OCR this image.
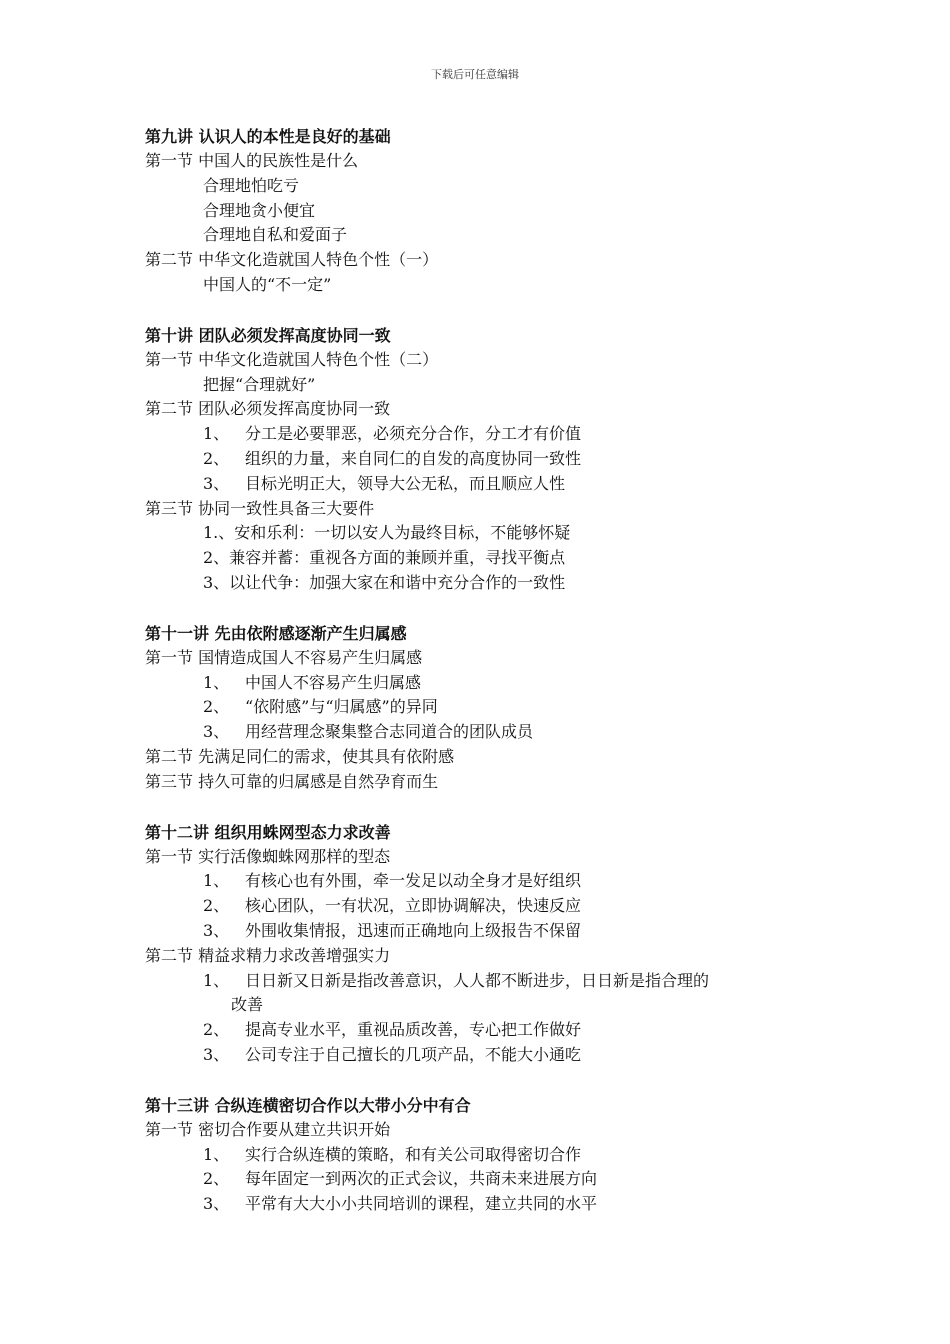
下载后可任意编辑
第九讲 认识人的本性是良好的基础
第一节 中国人的民族性是什么
合理地怕吃亏
合理地贪小便宜
合理地自私和爱面子
第二节 中华文化造就国人特色个性（一）
中国人的“不一定”
第十讲 团队必须发挥高度协同一致
第一节 中华文化造就国人特色个性（二）
把握“合理就好”
第二节 团队必须发挥高度协同一致
1、 分工是必要罪恶，必须充分合作，分工才有价值
2、 组织的力量，来自同仁的自发的高度协同一致性
3、 目标光明正大，领导大公无私，而且顺应人性
第三节 协同一致性具备三大要件
1.、安和乐利：一切以安人为最终目标，不能够怀疑
2、兼容并蓄：重视各方面的兼顾并重，寻找平衡点
3、以让代争：加强大家在和谐中充分合作的一致性
第十一讲 先由依附感逐渐产生归属感
第一节 国情造成国人不容易产生归属感
1、 中国人不容易产生归属感
2、 “依附感”与“归属感”的异同
3、 用经营理念聚集整合志同道合的团队成员
第二节 先满足同仁的需求，使其具有依附感
第三节 持久可靠的归属感是自然孕育而生
第十二讲 组织用蛛网型态力求改善
第一节 实行活像蜘蛛网那样的型态
1、 有核心也有外围，牵一发足以动全身才是好组织
2、 核心团队，一有状况，立即协调解决，快速反应
3、 外围收集情报，迅速而正确地向上级报告不保留
第二节 精益求精力求改善增强实力
1、 日日新又日新是指改善意识，人人都不断进步，日日新是指合理的
改善
2、 提高专业水平，重视品质改善，专心把工作做好
3、 公司专注于自己擅长的几项产品，不能大小通吃
第十三讲 合纵连横密切合作以大带小分中有合
第一节 密切合作要从建立共识开始
1、 实行合纵连横的策略，和有关公司取得密切合作
2、 每年固定一到两次的正式会议，共商未来进展方向
3、 平常有大大小小共同培训的课程，建立共同的水平
